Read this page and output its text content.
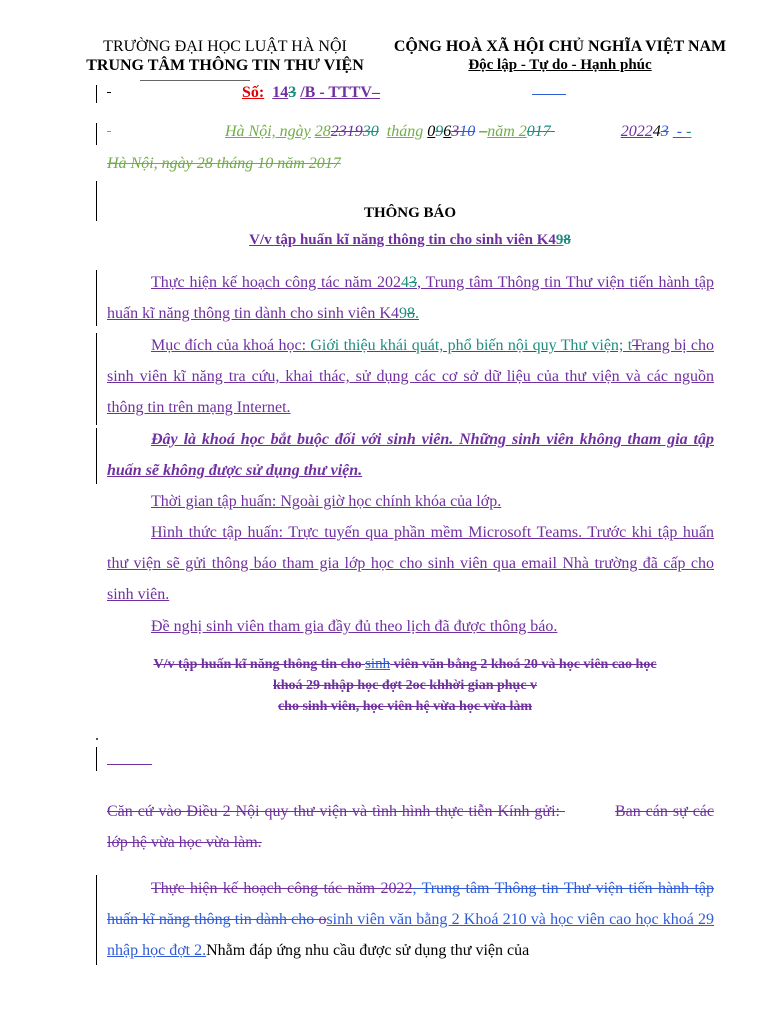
TRƯỜNG ĐẠI HỌC LUẬT HÀ NỘI
TRUNG TÂM THÔNG TIN THƯ VIỆN
CỘNG HOÀ XÃ HỘI CHỦ NGHĨA VIỆT NAM
Độc lập - Tự do - Hạnh phúc
Số: 143 /B - TTTV–
Hà Nội, ngày 28231930 tháng 096310 –năm 2017	202243  - -
Hà Nội, ngày 28 tháng 10 năm 2017
THÔNG BÁO
V/v tập huấn kĩ năng thông tin cho sinh viên K498
Thực hiện kế hoạch công tác năm 20243, Trung tâm Thông tin Thư viện tiến hành tập huấn kĩ năng thông tin dành cho sinh viên K498.
Mục đích của khoá học: Giới thiệu khái quát, phổ biến nội quy Thư viện; tTrang bị cho sinh viên kĩ năng tra cứu, khai thác, sử dụng các cơ sở dữ liệu của thư viện và các nguồn thông tin trên mạng Internet.
Đây là khoá học bắt buộc đối với sinh viên. Những sinh viên không tham gia tập huấn sẽ không được sử dụng thư viện.
Thời gian tập huấn: Ngoài giờ học chính khóa của lớp.
Hình thức tập huấn: Trực tuyến qua phần mềm Microsoft Teams. Trước khi tập huấn thư viện sẽ gửi thông báo tham gia lớp học cho sinh viên qua email Nhà trường đã cấp cho sinh viên.
Đề nghị sinh viên tham gia đầy đủ theo lịch đã được thông báo.
V/v tập huấn kĩ năng thông tin cho sinh viên văn bằng 2 khoá 20 và học viên cao học
khoá 29 nhập học đợt 2oc khhời gian phục v
cho sinh viên, học viên hệ vừa học vừa làm
Căn cứ vào Điều 2 Nội quy thư viện và tình hình thực tiễn Kính gửi:	Ban cán sự các lớp hệ vừa học vừa làm.
Thực hiện kế hoạch công tác năm 2022, Trung tâm Thông tin Thư viện tiến hành tập huấn kĩ năng thông tin dành cho osinh viên văn bằng 2 Khoá 210 và học viên cao học khoá 29 nhập học đợt 2.Nhằm đáp ứng nhu cầu được sử dụng thư viện của
